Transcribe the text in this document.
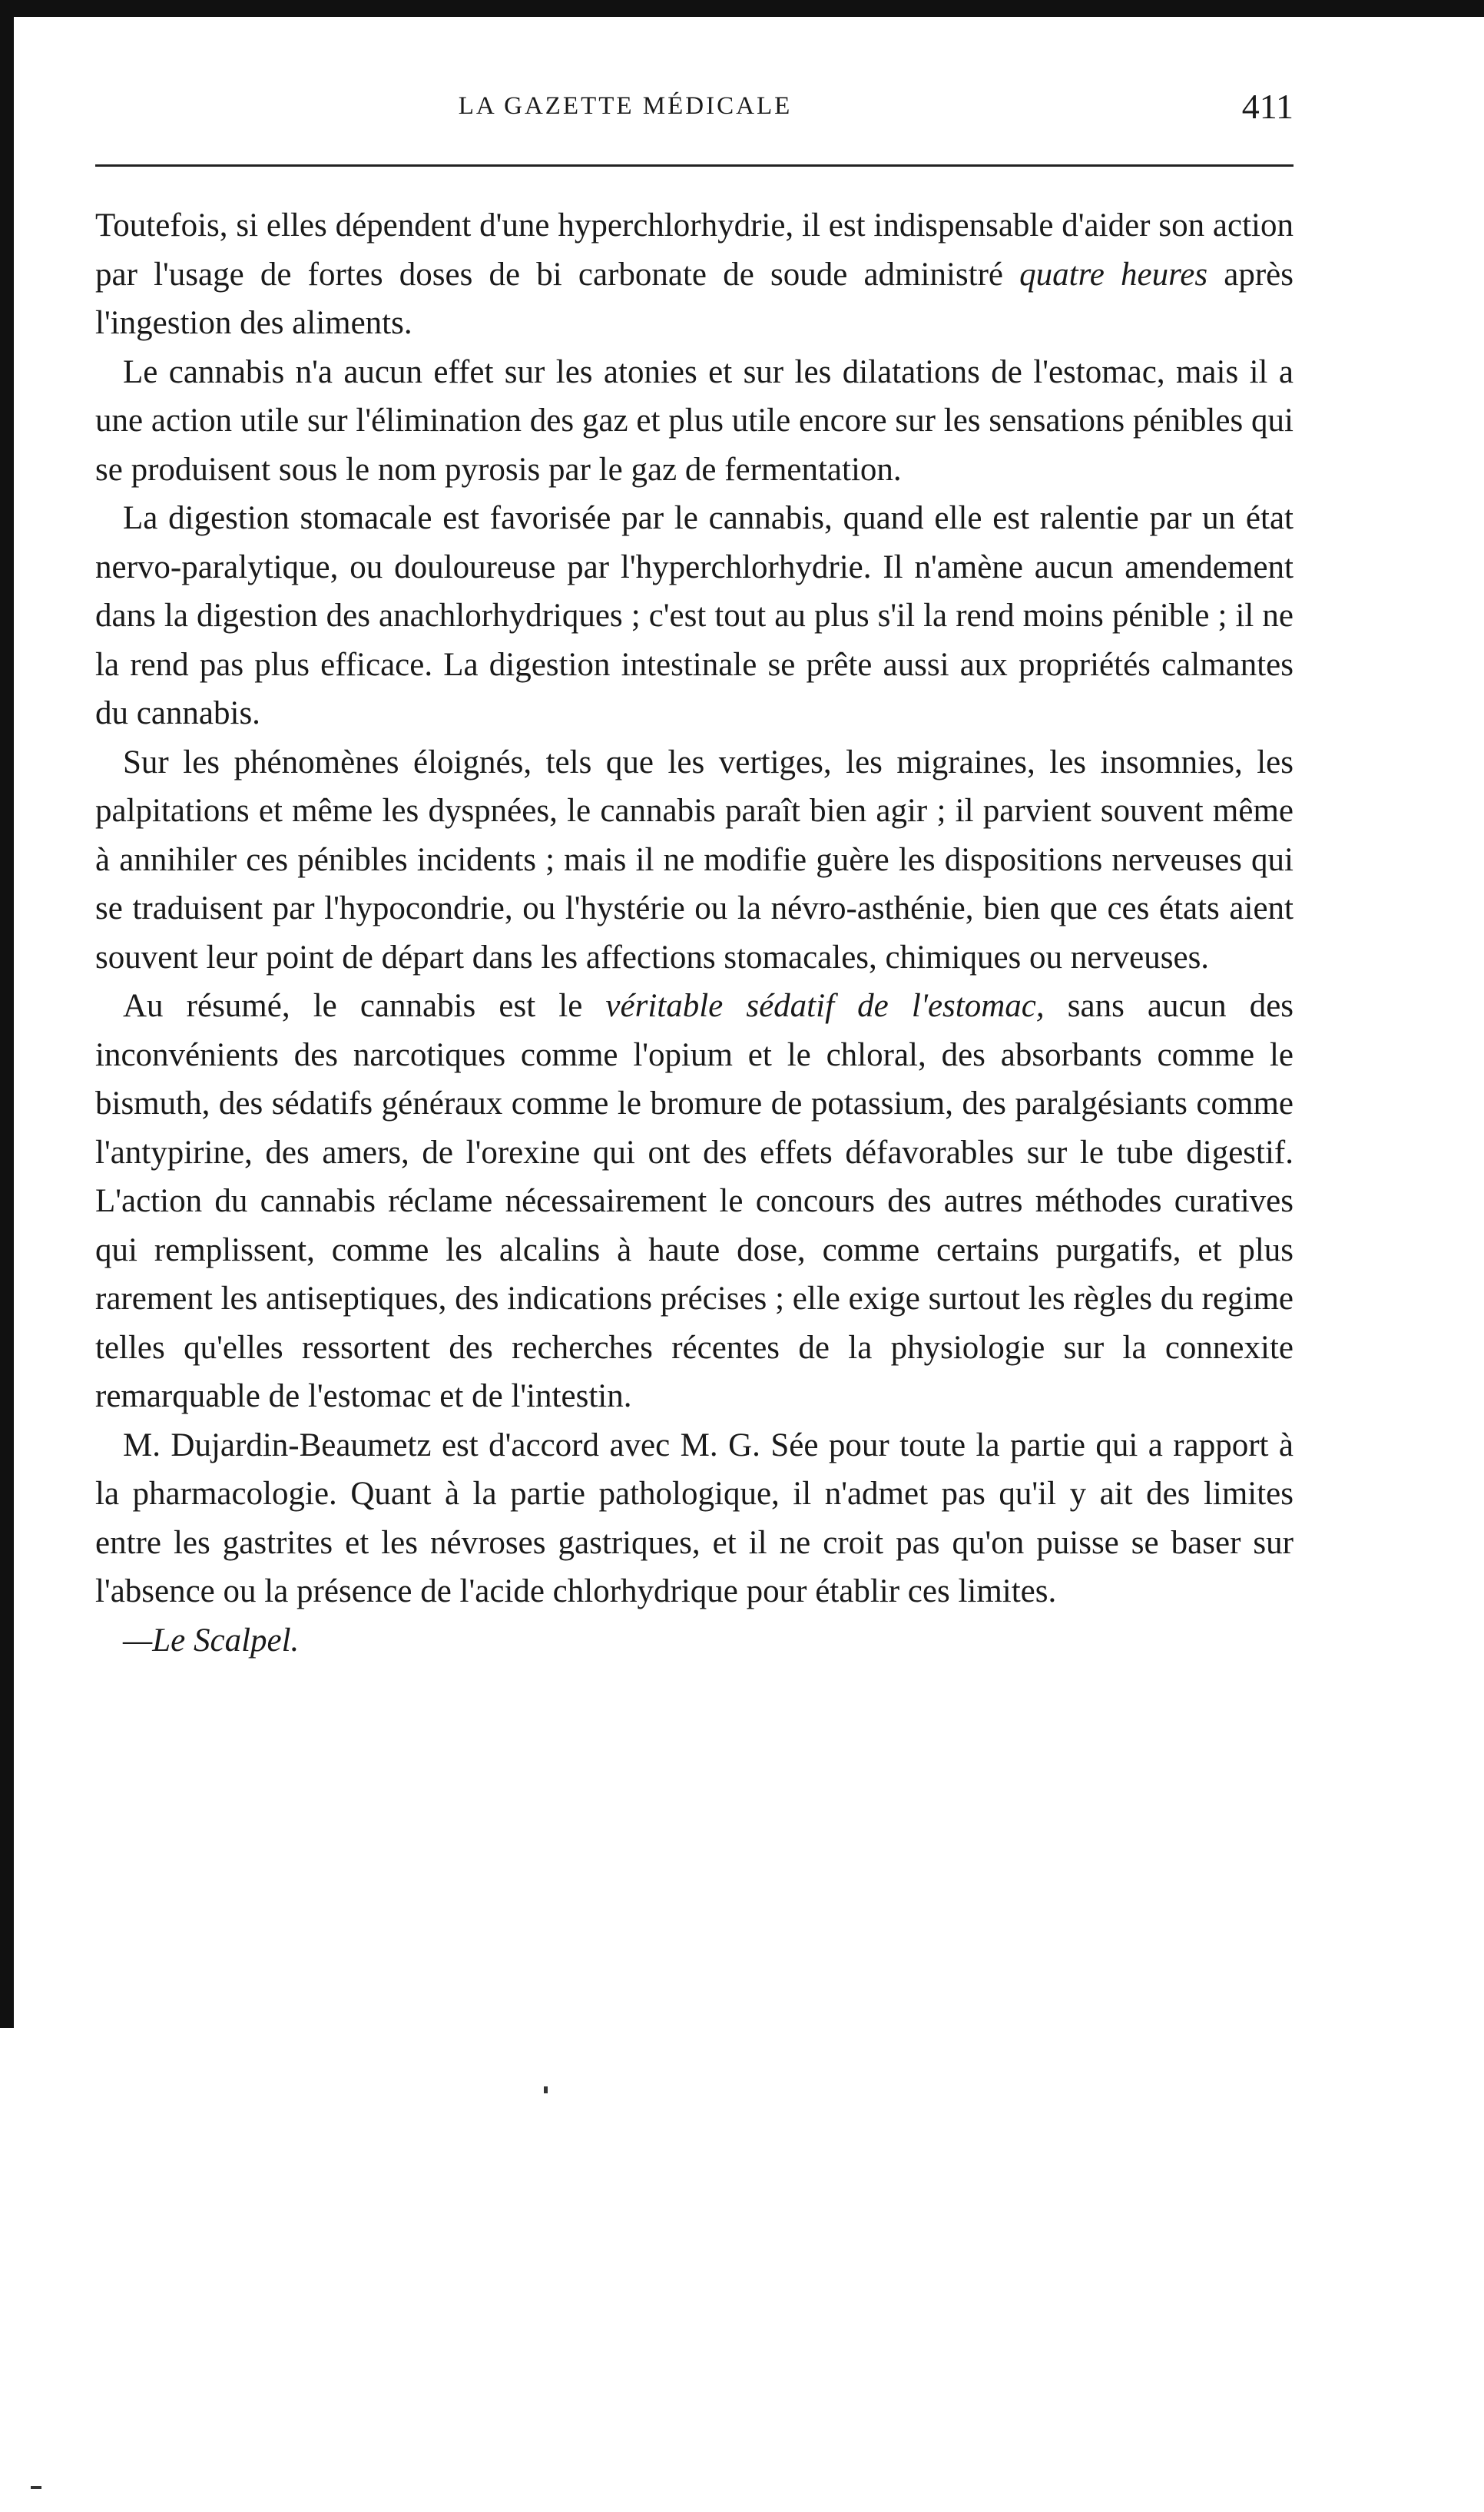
LA GAZETTE MÉDICALE	411

Toutefois, si elles dépendent d'une hyperchlorhydrie, il est indispensable d'aider son action par l'usage de fortes doses de bi carbonate de soude administré quatre heures après l'ingestion des aliments.

Le cannabis n'a aucun effet sur les atonies et sur les dilatations de l'estomac, mais il a une action utile sur l'élimination des gaz et plus utile encore sur les sensations pénibles qui se produisent sous le nom pyrosis par le gaz de fermentation.

La digestion stomacale est favorisée par le cannabis, quand elle est ralentie par un état nervo-paralytique, ou douloureuse par l'hyperchlorhydrie. Il n'amène aucun amendement dans la digestion des anachlorhydriques ; c'est tout au plus s'il la rend moins pénible ; il ne la rend pas plus efficace. La digestion intestinale se prête aussi aux propriétés calmantes du cannabis.

Sur les phénomènes éloignés, tels que les vertiges, les migraines, les insomnies, les palpitations et même les dyspnées, le cannabis paraît bien agir ; il parvient souvent même à annihiler ces pénibles incidents ; mais il ne modifie guère les dispositions nerveuses qui se traduisent par l'hypocondrie, ou l'hystérie ou la névro-asthénie, bien que ces états aient souvent leur point de départ dans les affections stomacales, chimiques ou nerveuses.

Au résumé, le cannabis est le véritable sédatif de l'estomac, sans aucun des inconvénients des narcotiques comme l'opium et le chloral, des absorbants comme le bismuth, des sédatifs généraux comme le bromure de potassium, des paralgésiants comme l'antypirine, des amers, de l'orexine qui ont des effets défavorables sur le tube digestif. L'action du cannabis réclame nécessairement le concours des autres méthodes curatives qui remplissent, comme les alcalins à haute dose, comme certains purgatifs, et plus rarement les antiseptiques, des indications précises ; elle exige surtout les règles du regime telles qu'elles ressortent des recherches récentes de la physiologie sur la connexite remarquable de l'estomac et de l'intestin.

M. Dujardin-Beaumetz est d'accord avec M. G. Sée pour toute la partie qui a rapport à la pharmacologie. Quant à la partie pathologique, il n'admet pas qu'il y ait des limites entre les gastrites et les névroses gastriques, et il ne croit pas qu'on puisse se baser sur l'absence ou la présence de l'acide chlorhydrique pour établir ces limites.

—Le Scalpel.
